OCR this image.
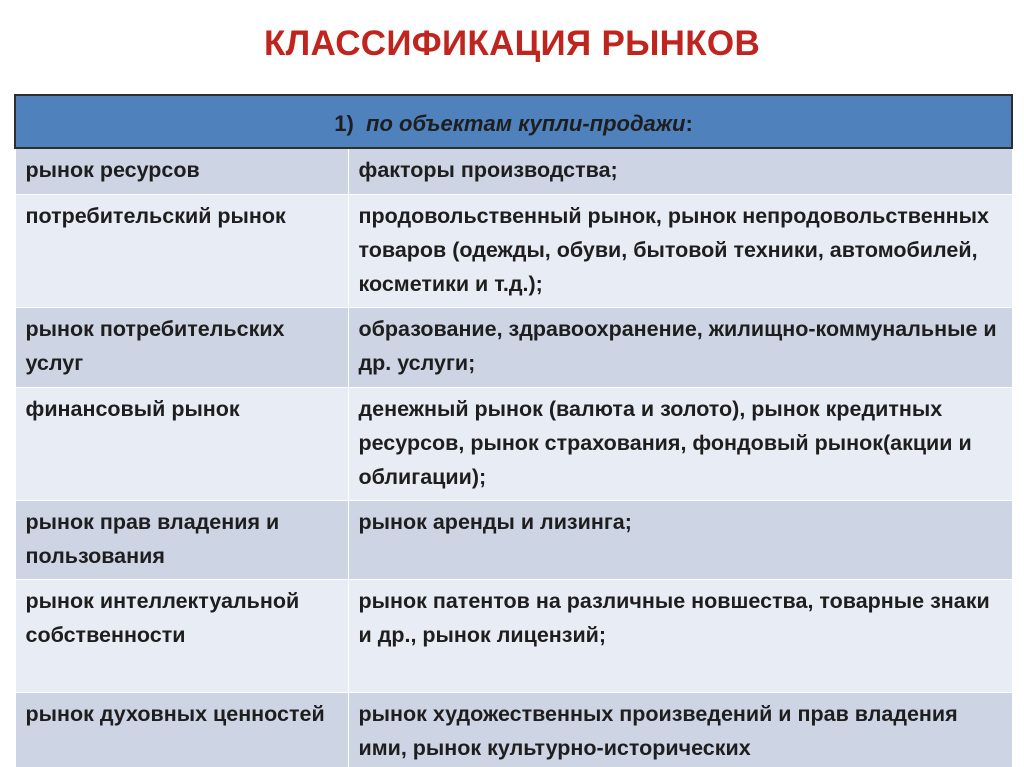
КЛАССИФИКАЦИЯ РЫНКОВ
1) по объектам купли-продажи:	
рынок ресурсов	факторы производства;
потребительский рынок	продовольственный рынок, рынок непродовольственных товаров (одежды, обуви, бытовой техники, автомобилей, косметики и т.д.);
рынок потребительских услуг	образование, здравоохранение, жилищно-коммунальные и др. услуги;
финансовый рынок	денежный рынок (валюта и золото), рынок кредитных ресурсов, рынок страхования, фондовый рынок(акции и облигации);
рынок прав владения и пользования	рынок аренды и лизинга;
рынок интеллектуальной собственности	рынок патентов на различные новшества, товарные знаки и др., рынок лицензий;
рынок духовных ценностей	рынок художественных произведений и прав владения ими, рынок культурно-исторических
